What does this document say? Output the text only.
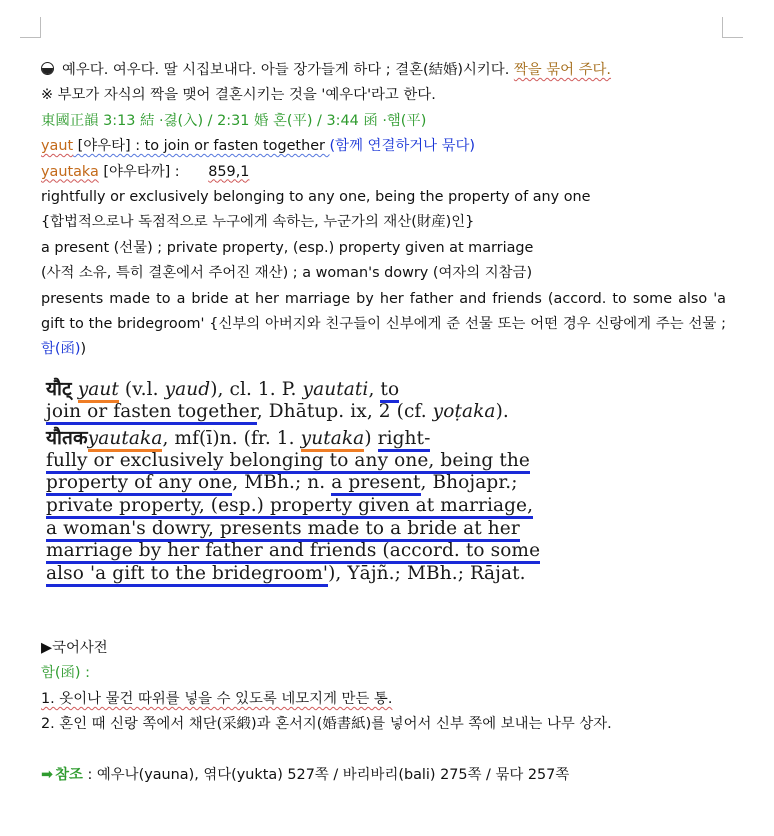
예우다. 여우다. 딸 시집보내다. 아들 장가들게 하다 ; 결혼(結婚)시키다. 짝을 묶어 주다.
※ 부모가 자식의 짝을 맺어 결혼시키는 것을 '예우다'라고 한다.
東國正韻 3:13 結 ·겷(入) / 2:31 婚 혼(平) / 3:44 函 ·햄(平)
yaut [야우타] : to join or fasten together (함께 연결하거나 묶다)
yautaka [야우타까] : 859,1
rightfully or exclusively belonging to any one, being the property of any one
{합법적으로나 독점적으로 누구에게 속하는, 누군가의 재산(財産)인}
a present (선물) ; private property, (esp.) property given at marriage
(사적 소유, 특히 결혼에서 주어진 재산) ; a woman's dowry (여자의 지참금)
presents made to a bride at her marriage by her father and friends (accord. to some also 'a gift to the bridegroom' {신부의 아버지와 친구들이 신부에게 준 선물 또는 어떤 경우 신랑에게 주는 선물 ; 함(函))
यौट् yaut (v.l. yaud), cl. 1. P. yautati, to
join or fasten together, Dhātup. ix, 2 (cf. yoṭaka).
यौतकyautaka, mf(ī)n. (fr. 1. yutaka) right-
fully or exclusively belonging to any one, being the
property of any one, MBh.; n. a present, Bhojapr.;
private property, (esp.) property given at marriage,
a woman's dowry, presents made to a bride at her
marriage by her father and friends (accord. to some
also 'a gift to the bridegroom'), Yājñ.; MBh.; Rājat.
▶국어사전
함(函) :
1. 옷이나 물건 따위를 넣을 수 있도록 네모지게 만든 통.
2. 혼인 때 신랑 쪽에서 채단(采緞)과 혼서지(婚書紙)를 넣어서 신부 쪽에 보내는 나무 상자.
➡ 참조 : 예우나(yauna), 엮다(yukta) 527쪽 / 바리바리(bali) 275쪽 / 묶다 257쪽
